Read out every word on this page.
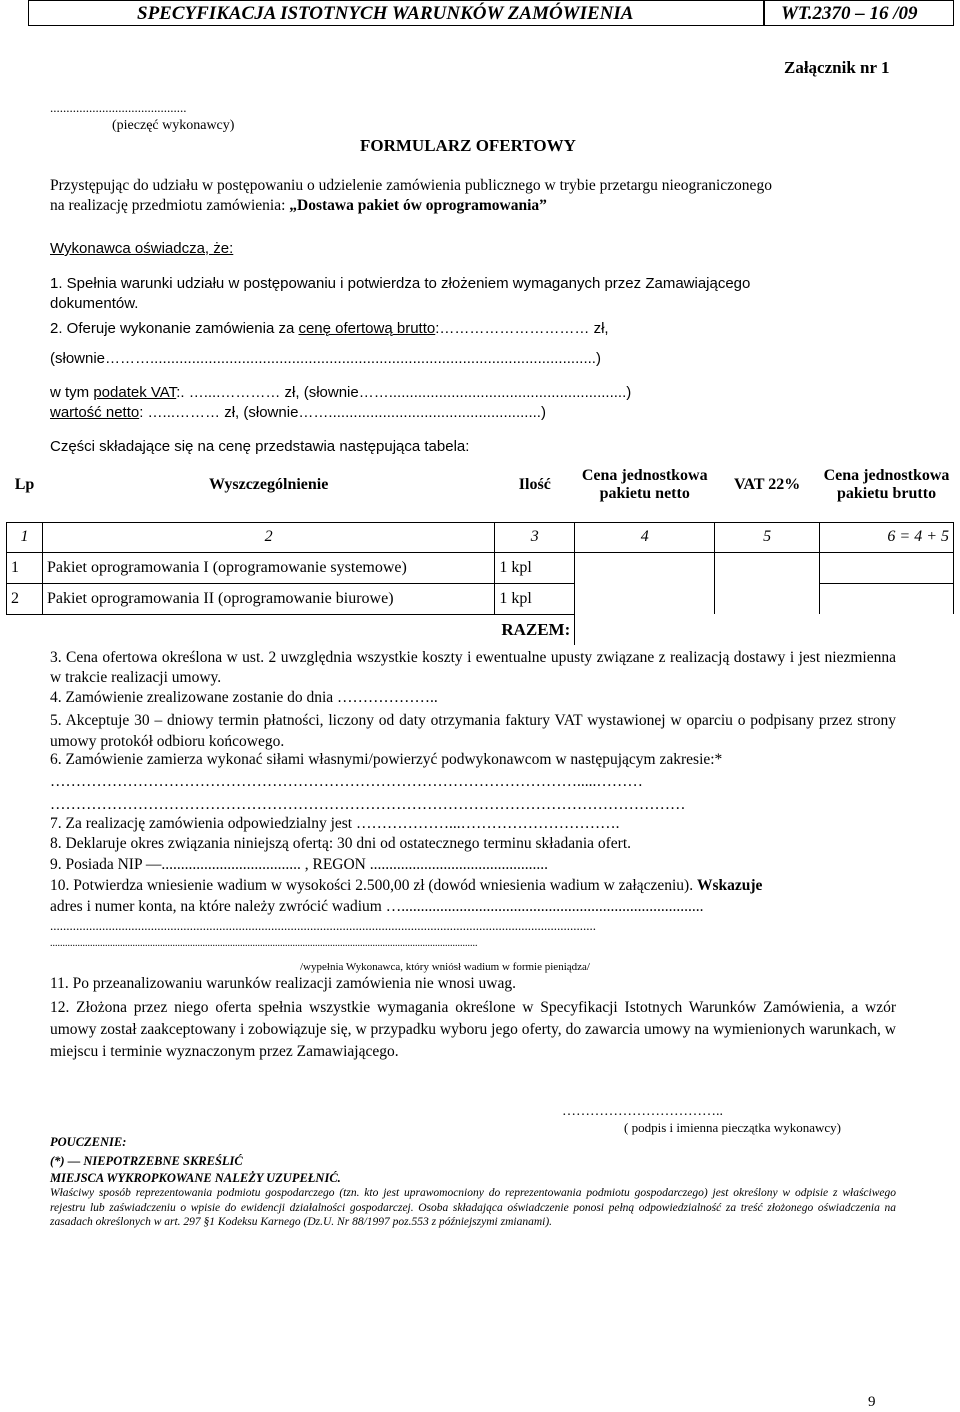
SPECYFIKACJA ISTOTNYCH WARUNKÓW ZAMÓWIENIA	WT.2370 – 16 /09
Załącznik nr 1
..........................................
(pieczęć wykonawcy)
FORMULARZ OFERTOWY
Przystępując do udziału w postępowaniu o udzielenie zamówienia publicznego w trybie przetargu nieograniczonego
na realizację przedmiotu zamówienia: „Dostawa pakiet ów oprogramowania”
Wykonawca oświadcza, że:
1. Spełnia warunki udziału w postępowaniu i potwierdza to złożeniem wymaganych przez Zamawiającego
dokumentów.
2. Oferuje wykonanie zamówienia za cenę ofertową brutto:………………………… zł,
(słownie………...........................................................................................................)
w tym podatek VAT:. …....………… zł, (słownie…….........................................................)
wartość netto: …...……… zł, (słownie……...................................................)
Części składające się na cenę przedstawia następująca tabela:
Lp	Wyszczególnienie	Ilość	Cena jednostkowa pakietu netto	VAT 22%	Cena jednostkowa pakietu brutto
1	2	3	4	5	6 = 4 + 5
1	Pakiet oprogramowania I (oprogramowanie systemowe)	1 kpl			
2	Pakiet oprogramowania II (oprogramowanie biurowe)	1 kpl			
RAZEM:					
3. Cena ofertowa określona w ust. 2 uwzględnia wszystkie koszty i ewentualne upusty związane z realizacją dostawy i jest niezmienna w trakcie realizacji umowy.
4. Zamówienie zrealizowane zostanie do dnia ………………..
5. Akceptuje 30 – dniowy termin płatności, liczony od daty otrzymania faktury VAT wystawionej w oparciu o podpisany przez strony umowy protokół odbioru końcowego.
6. Zamówienie zamierza wykonać siłami własnymi/powierzyć podwykonawcom w następującym zakresie:*
………………………………………………………………………………………….....………
……………………………………………………………………………………………………………
7. Za realizację zamówienia odpowiedzialny jest ………………...………………………….
8. Deklaruje okres związania niniejszą ofertą: 30 dni od ostatecznego terminu składania ofert.
9. Posiada NIP —.................................... , REGON ..............................................
10. Potwierdza wniesienie wadium w wysokości 2.500,00 zł (dowód wniesienia wadium w załączeniu). Wskazuje
adres i numer konta, na które należy zwrócić wadium …..............................................................................
........................................................................................................................................................................
...........................................................................................................................................................................
/wypełnia Wykonawca, który wniósł wadium w formie pieniądza/
11. Po przeanalizowaniu warunków realizacji zamówienia nie wnosi uwag.
12. Złożona przez niego oferta spełnia wszystkie wymagania określone w Specyfikacji Istotnych Warunków Zamówienia, a wzór umowy został zaakceptowany i zobowiązuje się, w przypadku wyboru jego oferty, do zawarcia umowy na wymienionych warunkach, w miejscu i terminie wyznaczonym przez Zamawiającego.
……………………………..
( podpis i imienna pieczątka wykonawcy)
POUCZENIE:
(*) — NIEPOTRZEBNE SKREŚLIĆ
MIEJSCA WYKROPKOWANE NALEŻY UZUPEŁNIĆ.
Właściwy sposób reprezentowania podmiotu gospodarczego (tzn. kto jest uprawomocniony do reprezentowania podmiotu gospodarczego) jest określony w odpisie z właściwego rejestru lub zaświadczeniu o wpisie do ewidencji działalności gospodarczej. Osoba składająca oświadczenie ponosi pełną odpowiedzialność za treść złożonego oświadczenia na zasadach określonych w art. 297 §1 Kodeksu Karnego (Dz.U. Nr 88/1997 poz.553 z późniejszymi zmianami).
9
